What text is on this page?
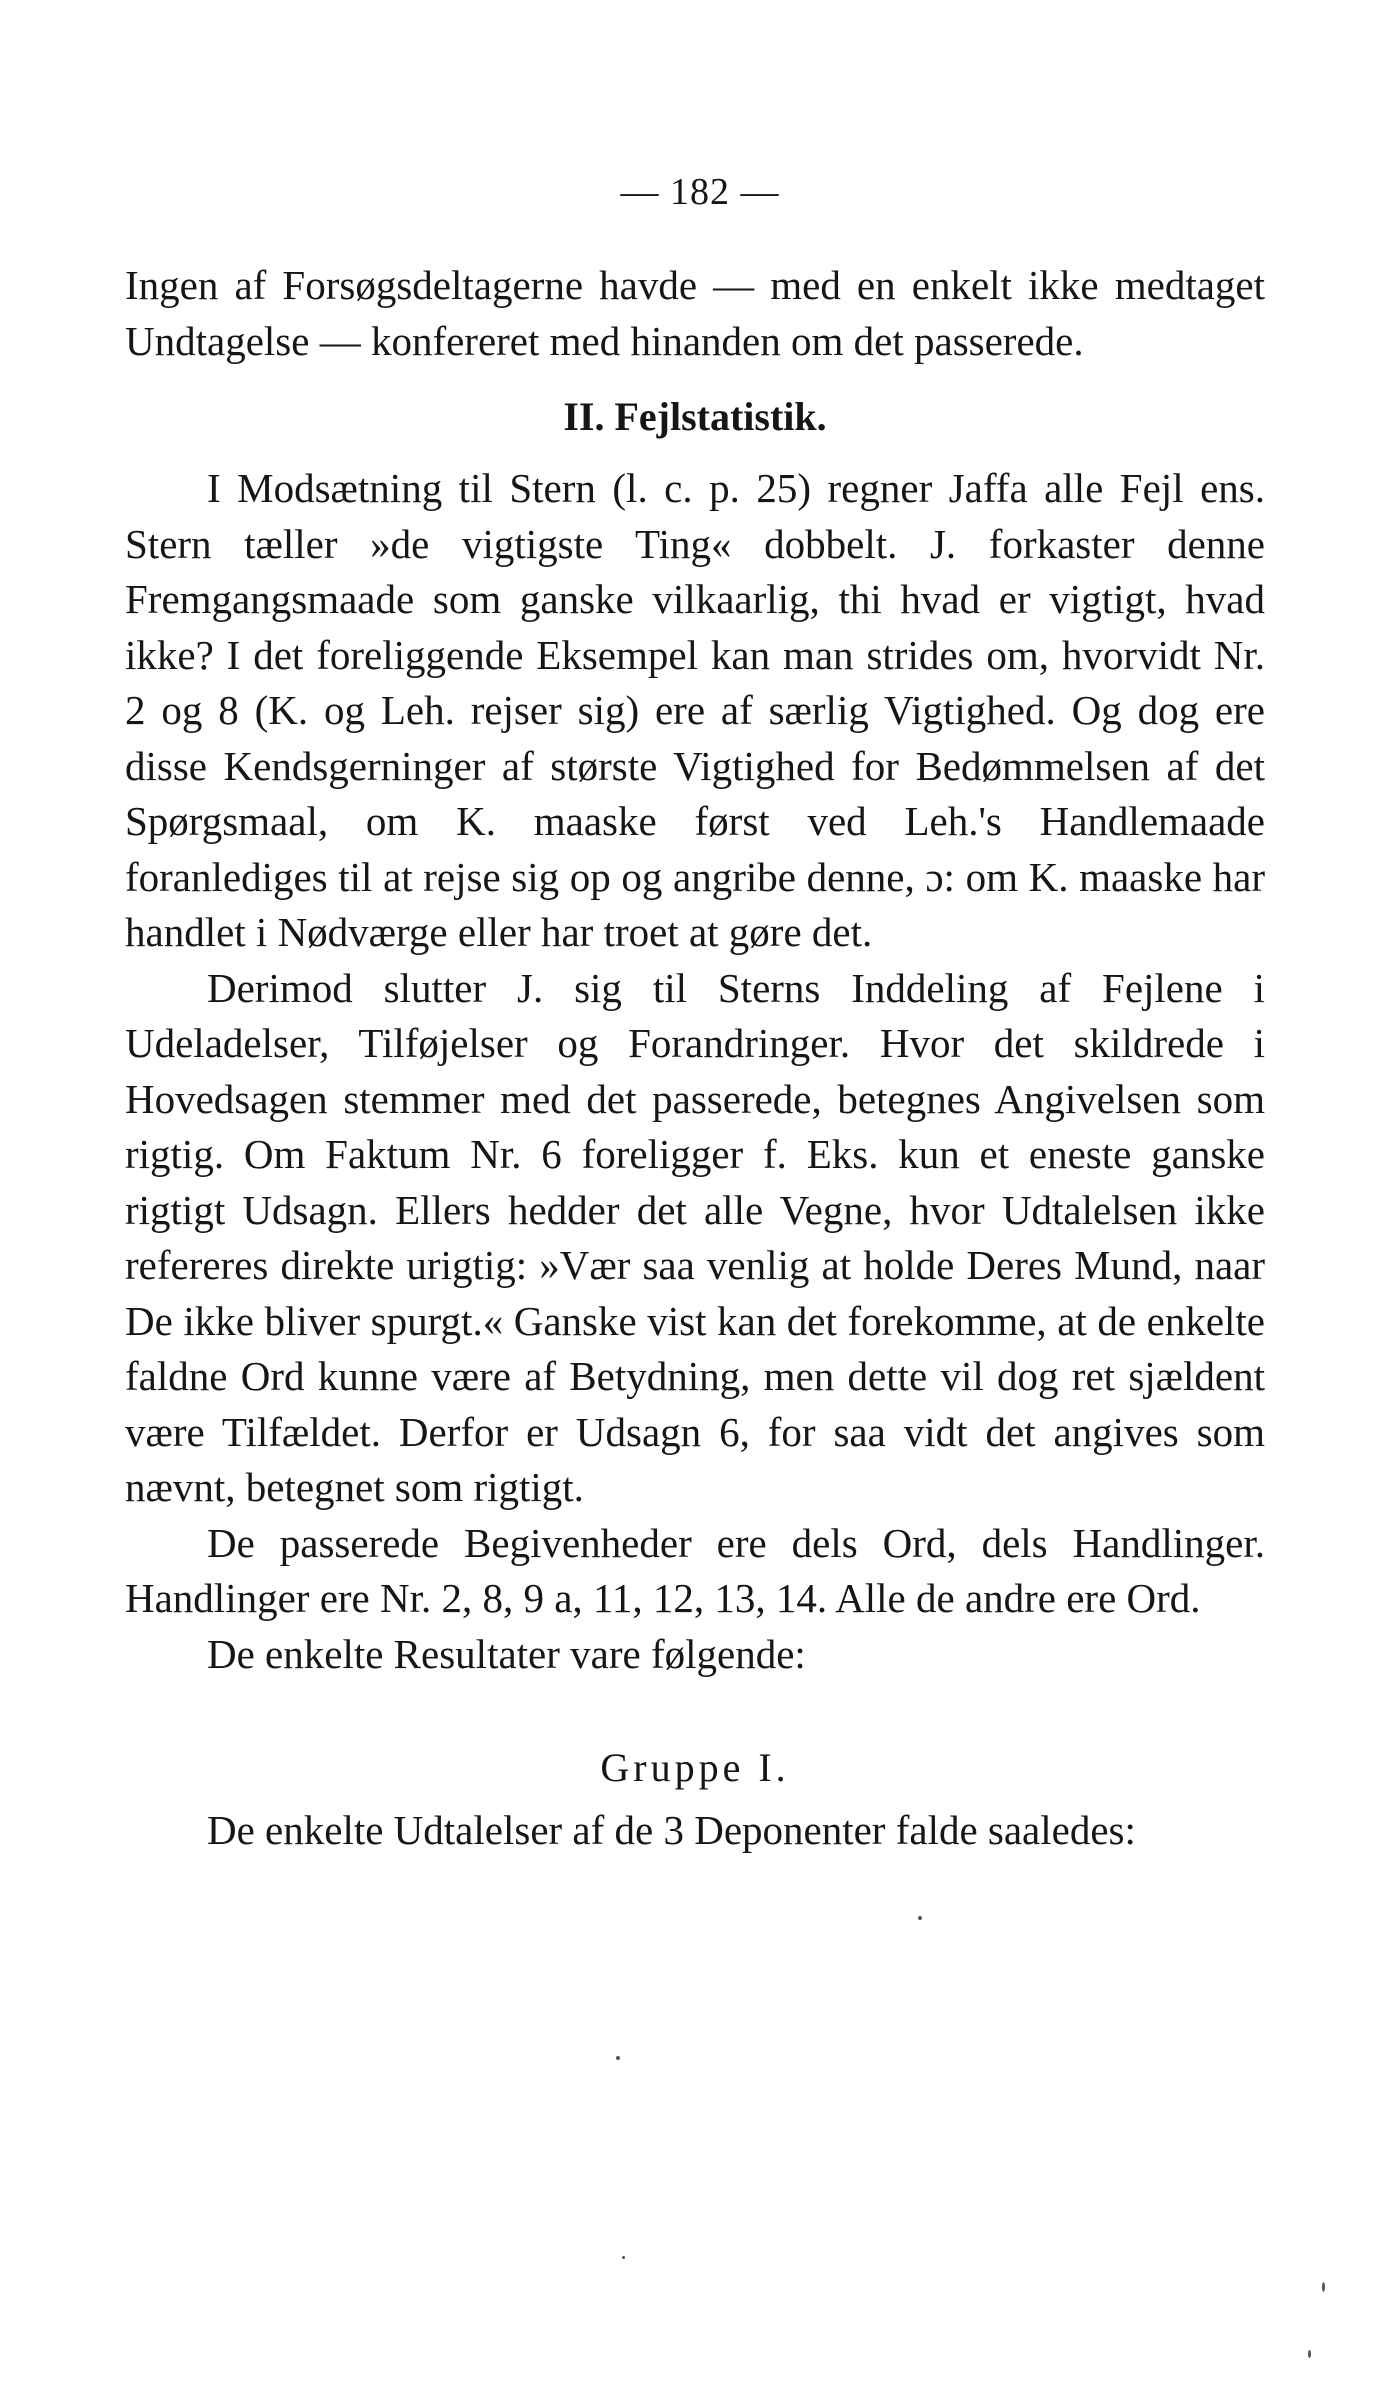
— 182 —

Ingen af Forsøgsdeltagerne havde — med en enkelt ikke medtaget Undtagelse — konfereret med hinanden om det passerede.

II. Fejlstatistik.

I Modsætning til Stern (l. c. p. 25) regner Jaffa alle Fejl ens. Stern tæller »de vigtigste Ting« dobbelt. J. forkaster denne Fremgangsmaade som ganske vilkaarlig, thi hvad er vigtigt, hvad ikke? I det foreliggende Eksempel kan man strides om, hvorvidt Nr. 2 og 8 (K. og Leh. rejser sig) ere af særlig Vigtighed. Og dog ere disse Kendsgerninger af største Vigtighed for Bedømmelsen af det Spørgsmaal, om K. maaske først ved Leh.'s Handlemaade foranlediges til at rejse sig op og angribe denne, ɔ: om K. maaske har handlet i Nødværge eller har troet at gøre det.

Derimod slutter J. sig til Sterns Inddeling af Fejlene i Udeladelser, Tilføjelser og Forandringer. Hvor det skildrede i Hovedsagen stemmer med det passerede, betegnes Angivelsen som rigtig. Om Faktum Nr. 6 foreligger f. Eks. kun et eneste ganske rigtigt Udsagn. Ellers hedder det alle Vegne, hvor Udtalelsen ikke refereres direkte urigtig: »Vær saa venlig at holde Deres Mund, naar De ikke bliver spurgt.« Ganske vist kan det forekomme, at de enkelte faldne Ord kunne være af Betydning, men dette vil dog ret sjældent være Tilfældet. Derfor er Udsagn 6, for saa vidt det angives som nævnt, betegnet som rigtigt.

De passerede Begivenheder ere dels Ord, dels Handlinger. Handlinger ere Nr. 2, 8, 9 a, 11, 12, 13, 14. Alle de andre ere Ord.

De enkelte Resultater vare følgende:

Gruppe I.

De enkelte Udtalelser af de 3 Deponenter falde saaledes:
